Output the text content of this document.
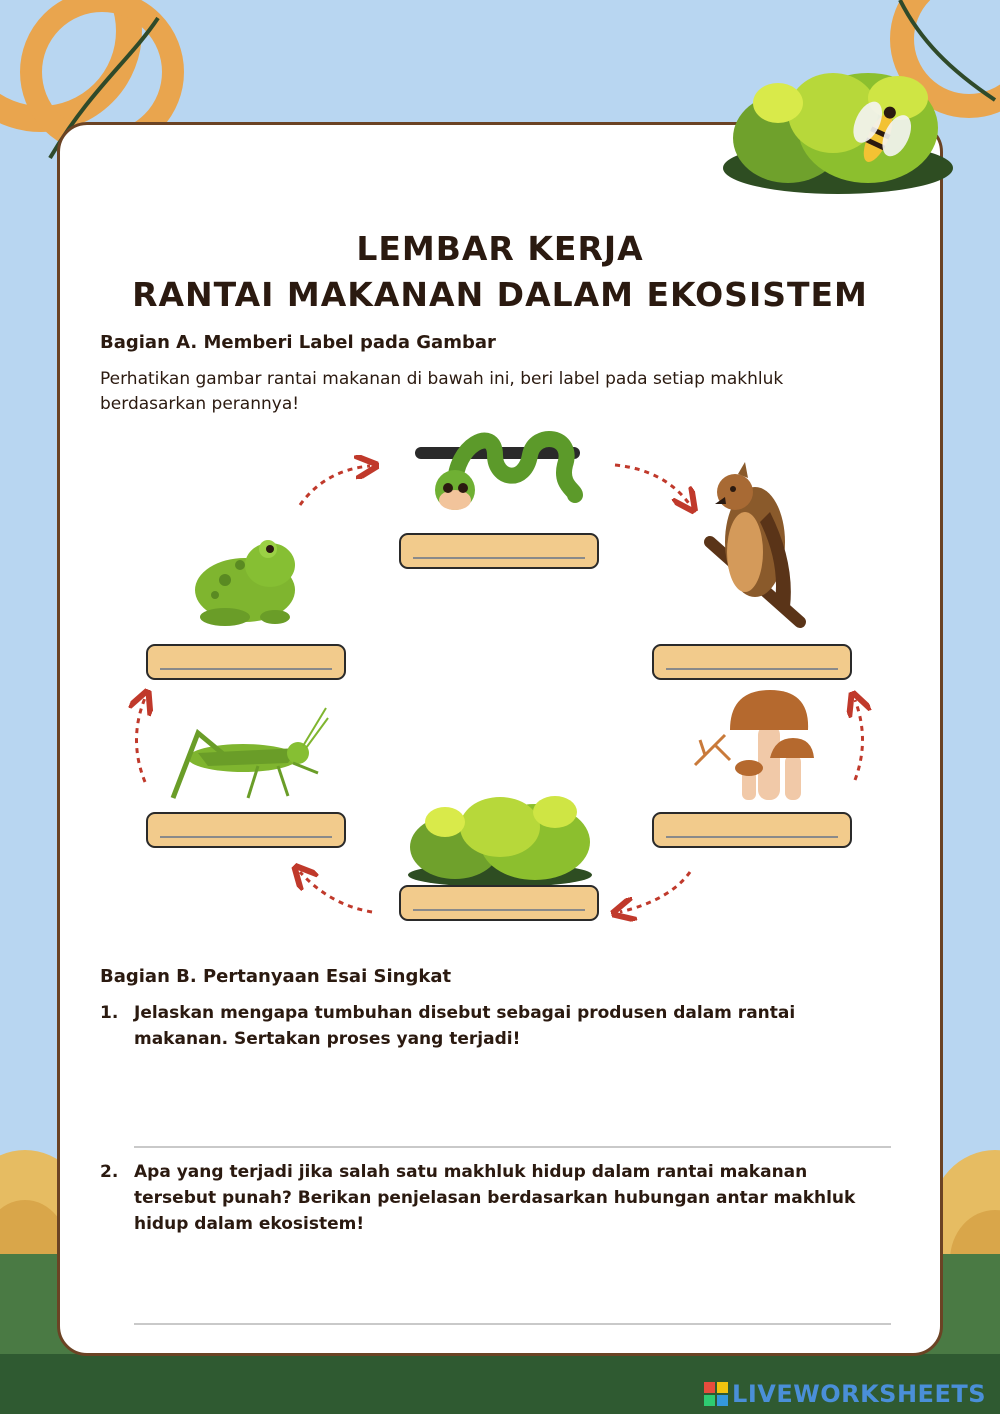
LEMBAR KERJA
RANTAI MAKANAN DALAM EKOSISTEM
Bagian A. Memberi Label pada Gambar
Perhatikan gambar rantai makanan di bawah ini, beri label pada setiap makhluk berdasarkan perannya!
Bagian B. Pertanyaan Esai Singkat
1. Jelaskan mengapa tumbuhan disebut sebagai produsen dalam rantai makanan. Sertakan proses yang terjadi!
2. Apa yang terjadi jika salah satu makhluk hidup dalam rantai makanan tersebut punah? Berikan penjelasan berdasarkan hubungan antar makhluk hidup dalam ekosistem!
LIVEWORKSHEETS
